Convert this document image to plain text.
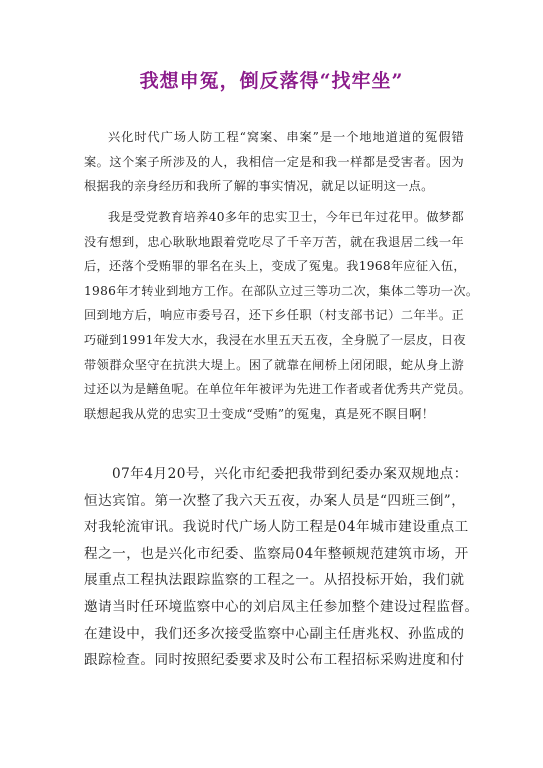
我想申冤，倒反落得“找牢坐”
兴化时代广场人防工程“窝案、串案”是一个地地道道的冤假错
案。这个案子所涉及的人，我相信一定是和我一样都是受害者。因为
根据我的亲身经历和我所了解的事实情况，就足以证明这一点。
我是受党教育培养40多年的忠实卫士，今年已年过花甲。做梦都
没有想到，忠心耿耿地跟着党吃尽了千辛万苦，就在我退居二线一年
后，还落个受贿罪的罪名在头上，变成了冤鬼。我1968年应征入伍，
1986年才转业到地方工作。在部队立过三等功二次，集体二等功一次。
回到地方后，响应市委号召，还下乡任职（村支部书记）二年半。正
巧碰到1991年发大水，我浸在水里五天五夜，全身脱了一层皮，日夜
带领群众坚守在抗洪大堤上。困了就靠在闸桥上闭闭眼，蛇从身上游
过还以为是鳝鱼呢。在单位年年被评为先进工作者或者优秀共产党员。
联想起我从党的忠实卫士变成“受贿”的冤鬼，真是死不瞑目啊！
07年4月20号，兴化市纪委把我带到纪委办案双规地点：
恒达宾馆。第一次整了我六天五夜，办案人员是“四班三倒”，
对我轮流审讯。我说时代广场人防工程是04年城市建设重点工
程之一，也是兴化市纪委、监察局04年整顿规范建筑市场，开
展重点工程执法跟踪监察的工程之一。从招投标开始，我们就
邀请当时任环境监察中心的刘启凤主任参加整个建设过程监督。
在建设中，我们还多次接受监察中心副主任唐兆权、孙监成的
跟踪检查。同时按照纪委要求及时公布工程招标采购进度和付
